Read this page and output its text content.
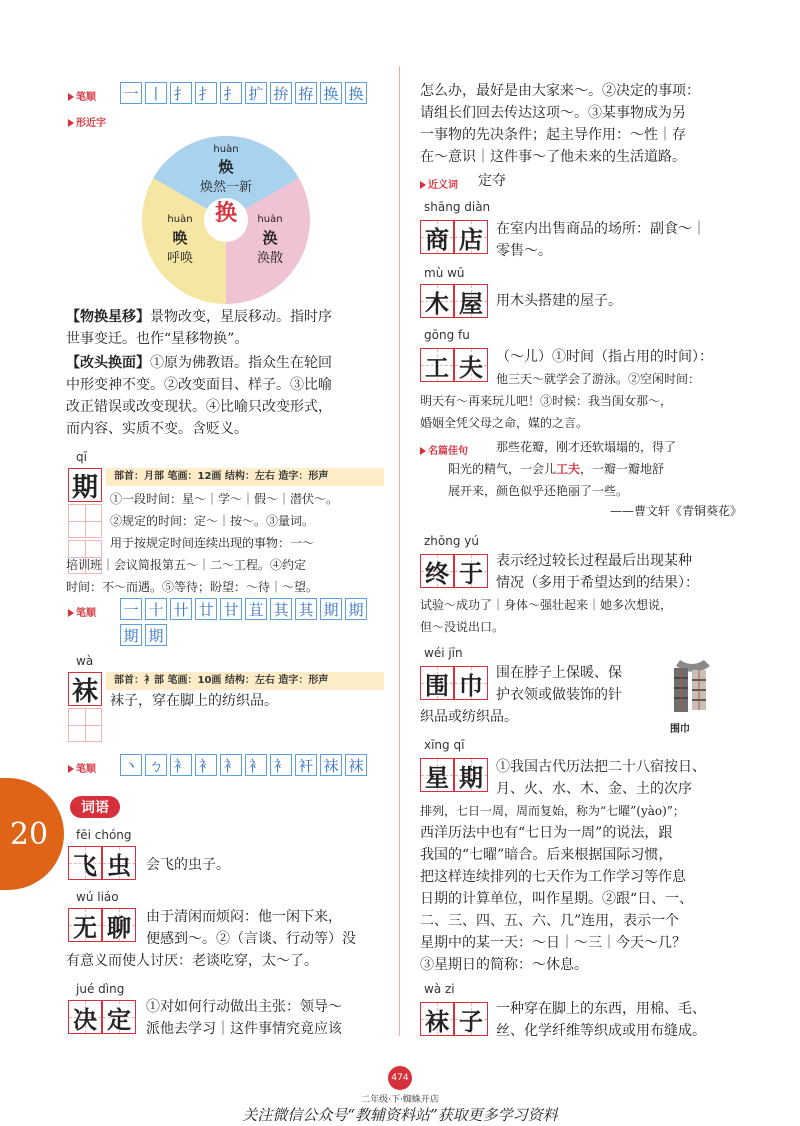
笔顺 一 丨 扌 扌 扌 扩 拚 拵 换 换
形近字
换
huàn
焕
焕然一新
huàn
唤
呼唤
huàn
涣
涣散
【物换星移】景物改变，星辰移动。指时序
世事变迁。也作“星移物换”。
【改头换面】①原为佛教语。指众生在轮回
中形变神不变。②改变面目、样子。③比喻
改正错误或改变现状。④比喻只改变形式，
而内容、实质不变。含贬义。
qī
期	部首：月部 笔画：12画 结构：左右 造字：形声
①一段时间：星～｜学～｜假～｜潜伏～。
②规定的时间：定～｜按～。③量词。
用于按规定时间连续出现的事物：一～
培训班｜会议简报第五～｜二～工程。④约定
时间：不～而遇。⑤等待；盼望：～待｜～望。
笔顺 一 十 卄 廿 甘 苴 其 其 期 期
期 期
wà
袜	部首：衤部 笔画：10画 结构：左右 造字：形声
袜子，穿在脚上的纺织品。
笔顺 丶 ㄅ 衤 衤 衤 衤 衤 衦 袜 袜
20
词语
fēi chóng
飞 虫 会飞的虫子。
wú liáo
无 聊 由于清闲而烦闷：他一闲下来，
便感到～。②（言谈、行动等）没
有意义而使人讨厌：老谈吃穿，太～了。
jué dìng
决 定 ①对如何行动做出主张：领导～
派他去学习｜这件事情究竟应该
怎么办，最好是由大家来～。②决定的事项：
请组长们回去传达这项～。③某事物成为另
一事物的先决条件；起主导作用：～性｜存
在～意识｜这件事～了他未来的生活道路。
近义词 定夺
shāng diàn
商 店 在室内出售商品的场所：副食～｜
零售～。
mù wū
木 屋 用木头搭建的屋子。
gōng fu
工 夫 （～儿）①时间（指占用的时间）：
他三天～就学会了游泳。②空闲时间：
明天有～再来玩儿吧！③时候：我当闺女那～，
婚姻全凭父母之命，媒的之言。
名篇佳句 那些花瓣，刚才还软塌塌的，得了
阳光的精气，一会儿工夫，一瓣一瓣地舒
展开来，颜色似乎还艳丽了一些。
——曹文轩《青铜葵花》
zhōng yú
终 于 表示经过较长过程最后出现某种
情况（多用于希望达到的结果）：
试验～成功了｜身体～强壮起来｜她多次想说，
但～没说出口。
wéi jīn
围 巾 围在脖子上保暖、保
护衣领或做装饰的针
织品或纺织品。
围巾
xīng qī
星 期 ①我国古代历法把二十八宿按日、
月、火、水、木、金、土的次序
排列，七日一周，周而复始，称为“七曜”(yào)”；
西洋历法中也有“七日为一周”的说法，跟
我国的“七曜”暗合。后来根据国际习惯，
把这样连续排列的七天作为工作学习等作息
日期的计算单位，叫作星期。②跟“日、一、
二、三、四、五、六、几”连用，表示一个
星期中的某一天：～日｜～三｜今天～几？
③星期日的简称：～休息。
wà zi
袜 子 一种穿在脚上的东西，用棉、毛、
丝、化学纤维等织成或用布缝成。
474
二年级·下·蜘蛛开店
关注微信公众号“教辅资料站”获取更多学习资料
